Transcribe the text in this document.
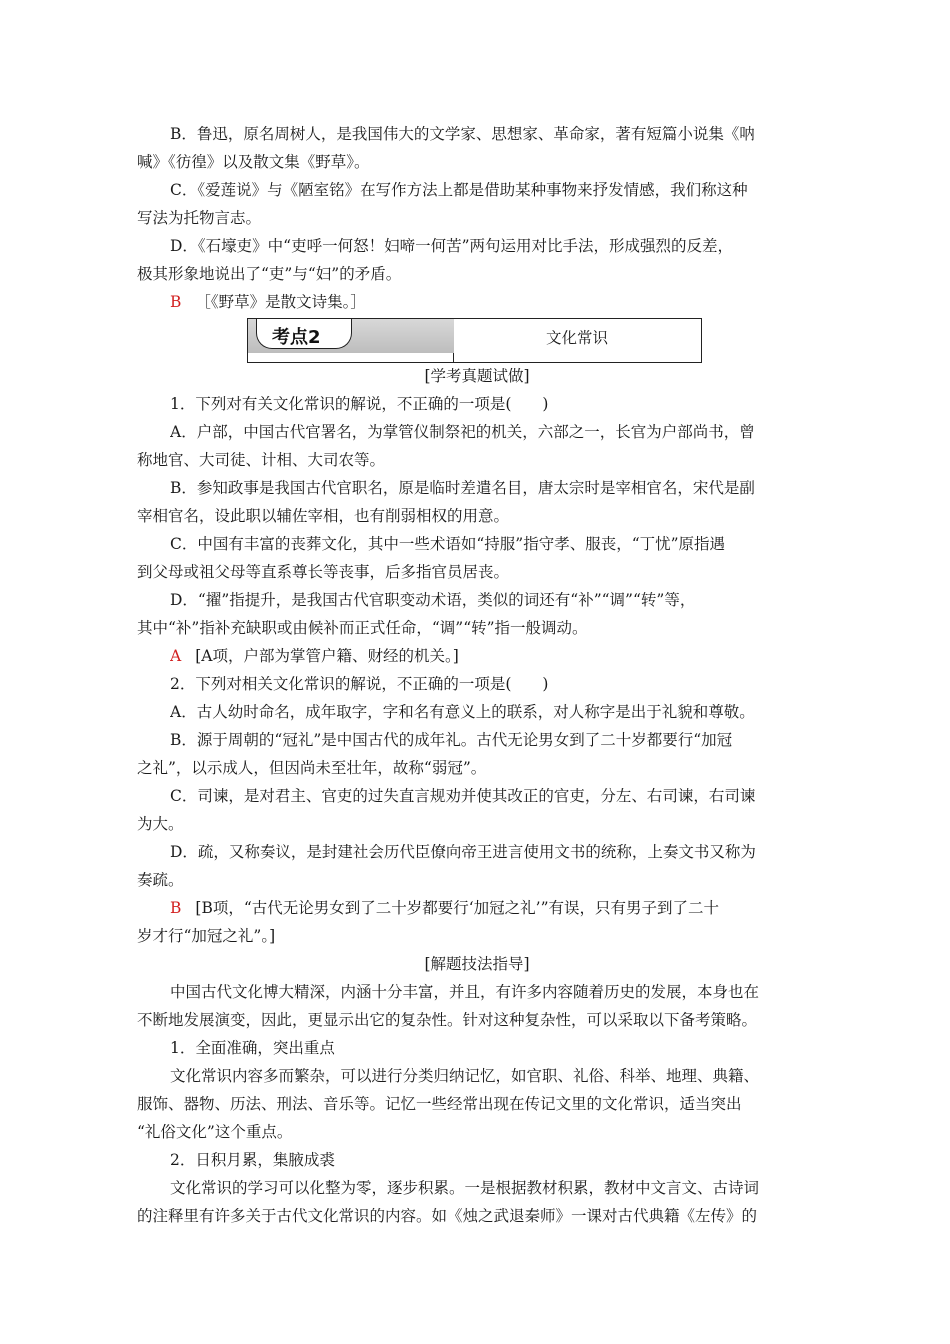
B．鲁迅，原名周树人，是我国伟大的文学家、思想家、革命家，著有短篇小说集《呐
喊》《彷徨》以及散文集《野草》。
C．《爱莲说》与《陋室铭》在写作方法上都是借助某种事物来抒发情感，我们称这种
写法为托物言志。
D．《石壕吏》中“吏呼一何怒！妇啼一何苦”两句运用对比手法，形成强烈的反差，
极其形象地说出了“吏”与“妇”的矛盾。
B ［《野草》是散文诗集。］
考点2	文化常识
[学考真题试做]
1．下列对有关文化常识的解说，不正确的一项是(　　)
A．户部，中国古代官署名，为掌管仪制祭祀的机关，六部之一，长官为户部尚书，曾
称地官、大司徒、计相、大司农等。
B．参知政事是我国古代官职名，原是临时差遣名目，唐太宗时是宰相官名，宋代是副
宰相官名，设此职以辅佐宰相，也有削弱相权的用意。
C．中国有丰富的丧葬文化，其中一些术语如“持服”指守孝、服丧，“丁忧”原指遇
到父母或祖父母等直系尊长等丧事，后多指官员居丧。
D．“擢”指提升，是我国古代官职变动术语，类似的词还有“补”“调”“转”等，
其中“补”指补充缺职或由候补而正式任命，“调”“转”指一般调动。
A [A项，户部为掌管户籍、财经的机关。]
2．下列对相关文化常识的解说，不正确的一项是(　　)
A．古人幼时命名，成年取字，字和名有意义上的联系，对人称字是出于礼貌和尊敬。
B．源于周朝的“冠礼”是中国古代的成年礼。古代无论男女到了二十岁都要行“加冠
之礼”，以示成人，但因尚未至壮年，故称“弱冠”。
C．司谏，是对君主、官吏的过失直言规劝并使其改正的官吏，分左、右司谏，右司谏
为大。
D．疏，又称奏议，是封建社会历代臣僚向帝王进言使用文书的统称，上奏文书又称为
奏疏。
B [B项，“古代无论男女到了二十岁都要行‘加冠之礼’”有误，只有男子到了二十
岁才行“加冠之礼”。]
[解题技法指导]
中国古代文化博大精深，内涵十分丰富，并且，有许多内容随着历史的发展，本身也在
不断地发展演变，因此，更显示出它的复杂性。针对这种复杂性，可以采取以下备考策略。
1．全面准确，突出重点
文化常识内容多而繁杂，可以进行分类归纳记忆，如官职、礼俗、科举、地理、典籍、
服饰、器物、历法、刑法、音乐等。记忆一些经常出现在传记文里的文化常识，适当突出
“礼俗文化”这个重点。
2．日积月累，集腋成裘
文化常识的学习可以化整为零，逐步积累。一是根据教材积累，教材中文言文、古诗词
的注释里有许多关于古代文化常识的内容。如《烛之武退秦师》一课对古代典籍《左传》的
